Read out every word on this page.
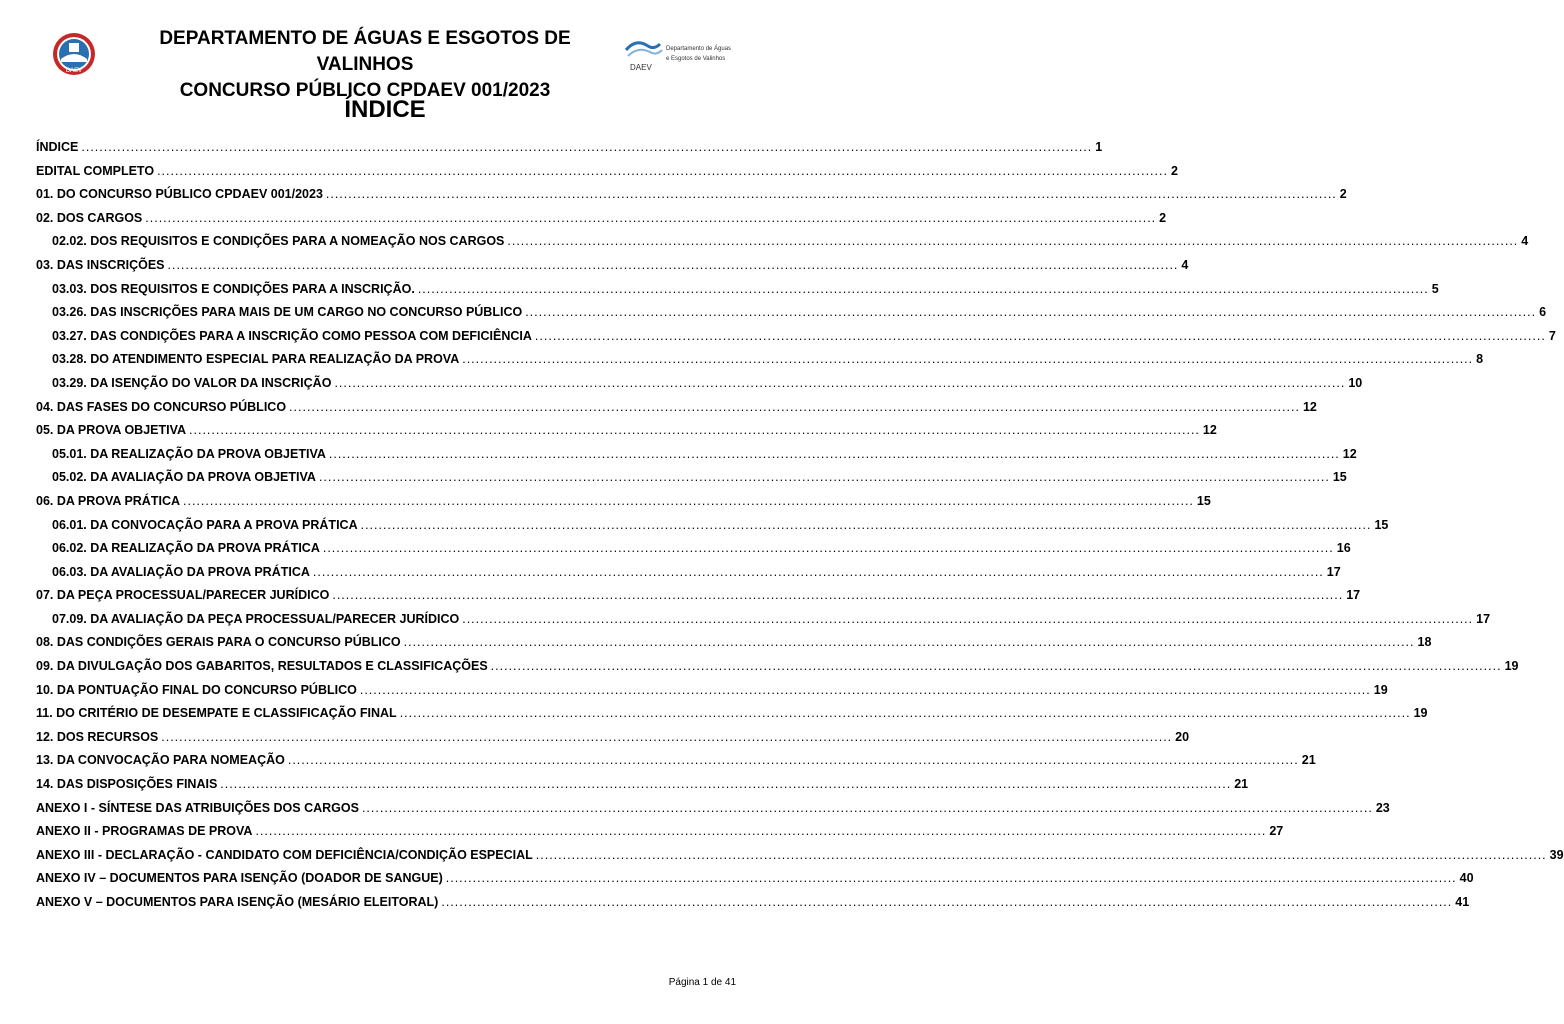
DAEV
DEPARTAMENTO DE ÁGUAS E ESGOTOS DE VALINHOS
CONCURSO PÚBLICO CPDAEV 001/2023
DAEV
Departamento de Águas
e Esgotos de Valinhos
ÍNDICE
ÍNDICE .....	1
EDITAL COMPLETO .....	2
01. DO CONCURSO PÚBLICO CPDAEV 001/2023 .....	2
02. DOS CARGOS .....	2
02.02. DOS REQUISITOS E CONDIÇÕES PARA A NOMEAÇÃO NOS CARGOS .....	4
03. DAS INSCRIÇÕES .....	4
03.03. DOS REQUISITOS E CONDIÇÕES PARA A INSCRIÇÃO. .....	5
03.26. DAS INSCRIÇÕES PARA MAIS DE UM CARGO NO CONCURSO PÚBLICO .....	6
03.27. DAS CONDIÇÕES PARA A INSCRIÇÃO COMO PESSOA COM DEFICIÊNCIA .....	7
03.28. DO ATENDIMENTO ESPECIAL PARA REALIZAÇÃO DA PROVA .....	8
03.29. DA ISENÇÃO DO VALOR DA INSCRIÇÃO .....	10
04. DAS FASES DO CONCURSO PÚBLICO .....	12
05. DA PROVA OBJETIVA .....	12
05.01. DA REALIZAÇÃO DA PROVA OBJETIVA .....	12
05.02. DA AVALIAÇÃO DA PROVA OBJETIVA .....	15
06. DA PROVA PRÁTICA .....	15
06.01. DA CONVOCAÇÃO PARA A PROVA PRÁTICA .....	15
06.02. DA REALIZAÇÃO DA PROVA PRÁTICA .....	16
06.03. DA AVALIAÇÃO DA PROVA PRÁTICA .....	17
07. DA PEÇA PROCESSUAL/PARECER JURÍDICO .....	17
07.09. DA AVALIAÇÃO DA PEÇA PROCESSUAL/PARECER JURÍDICO .....	17
08. DAS CONDIÇÕES GERAIS PARA O CONCURSO PÚBLICO .....	18
09. DA DIVULGAÇÃO DOS GABARITOS, RESULTADOS E CLASSIFICAÇÕES .....	19
10. DA PONTUAÇÃO FINAL DO CONCURSO PÚBLICO .....	19
11. DO CRITÉRIO DE DESEMPATE E CLASSIFICAÇÃO FINAL .....	19
12. DOS RECURSOS .....	20
13. DA CONVOCAÇÃO PARA NOMEAÇÃO .....	21
14. DAS DISPOSIÇÕES FINAIS .....	21
ANEXO I - SÍNTESE DAS ATRIBUIÇÕES DOS CARGOS .....	23
ANEXO II - PROGRAMAS DE PROVA .....	27
ANEXO III - DECLARAÇÃO - CANDIDATO COM DEFICIÊNCIA/CONDIÇÃO ESPECIAL .....	39
ANEXO IV – DOCUMENTOS PARA ISENÇÃO (DOADOR DE SANGUE) .....	40
ANEXO V – DOCUMENTOS PARA ISENÇÃO (MESÁRIO ELEITORAL) .....	41
Página 1 de 41
